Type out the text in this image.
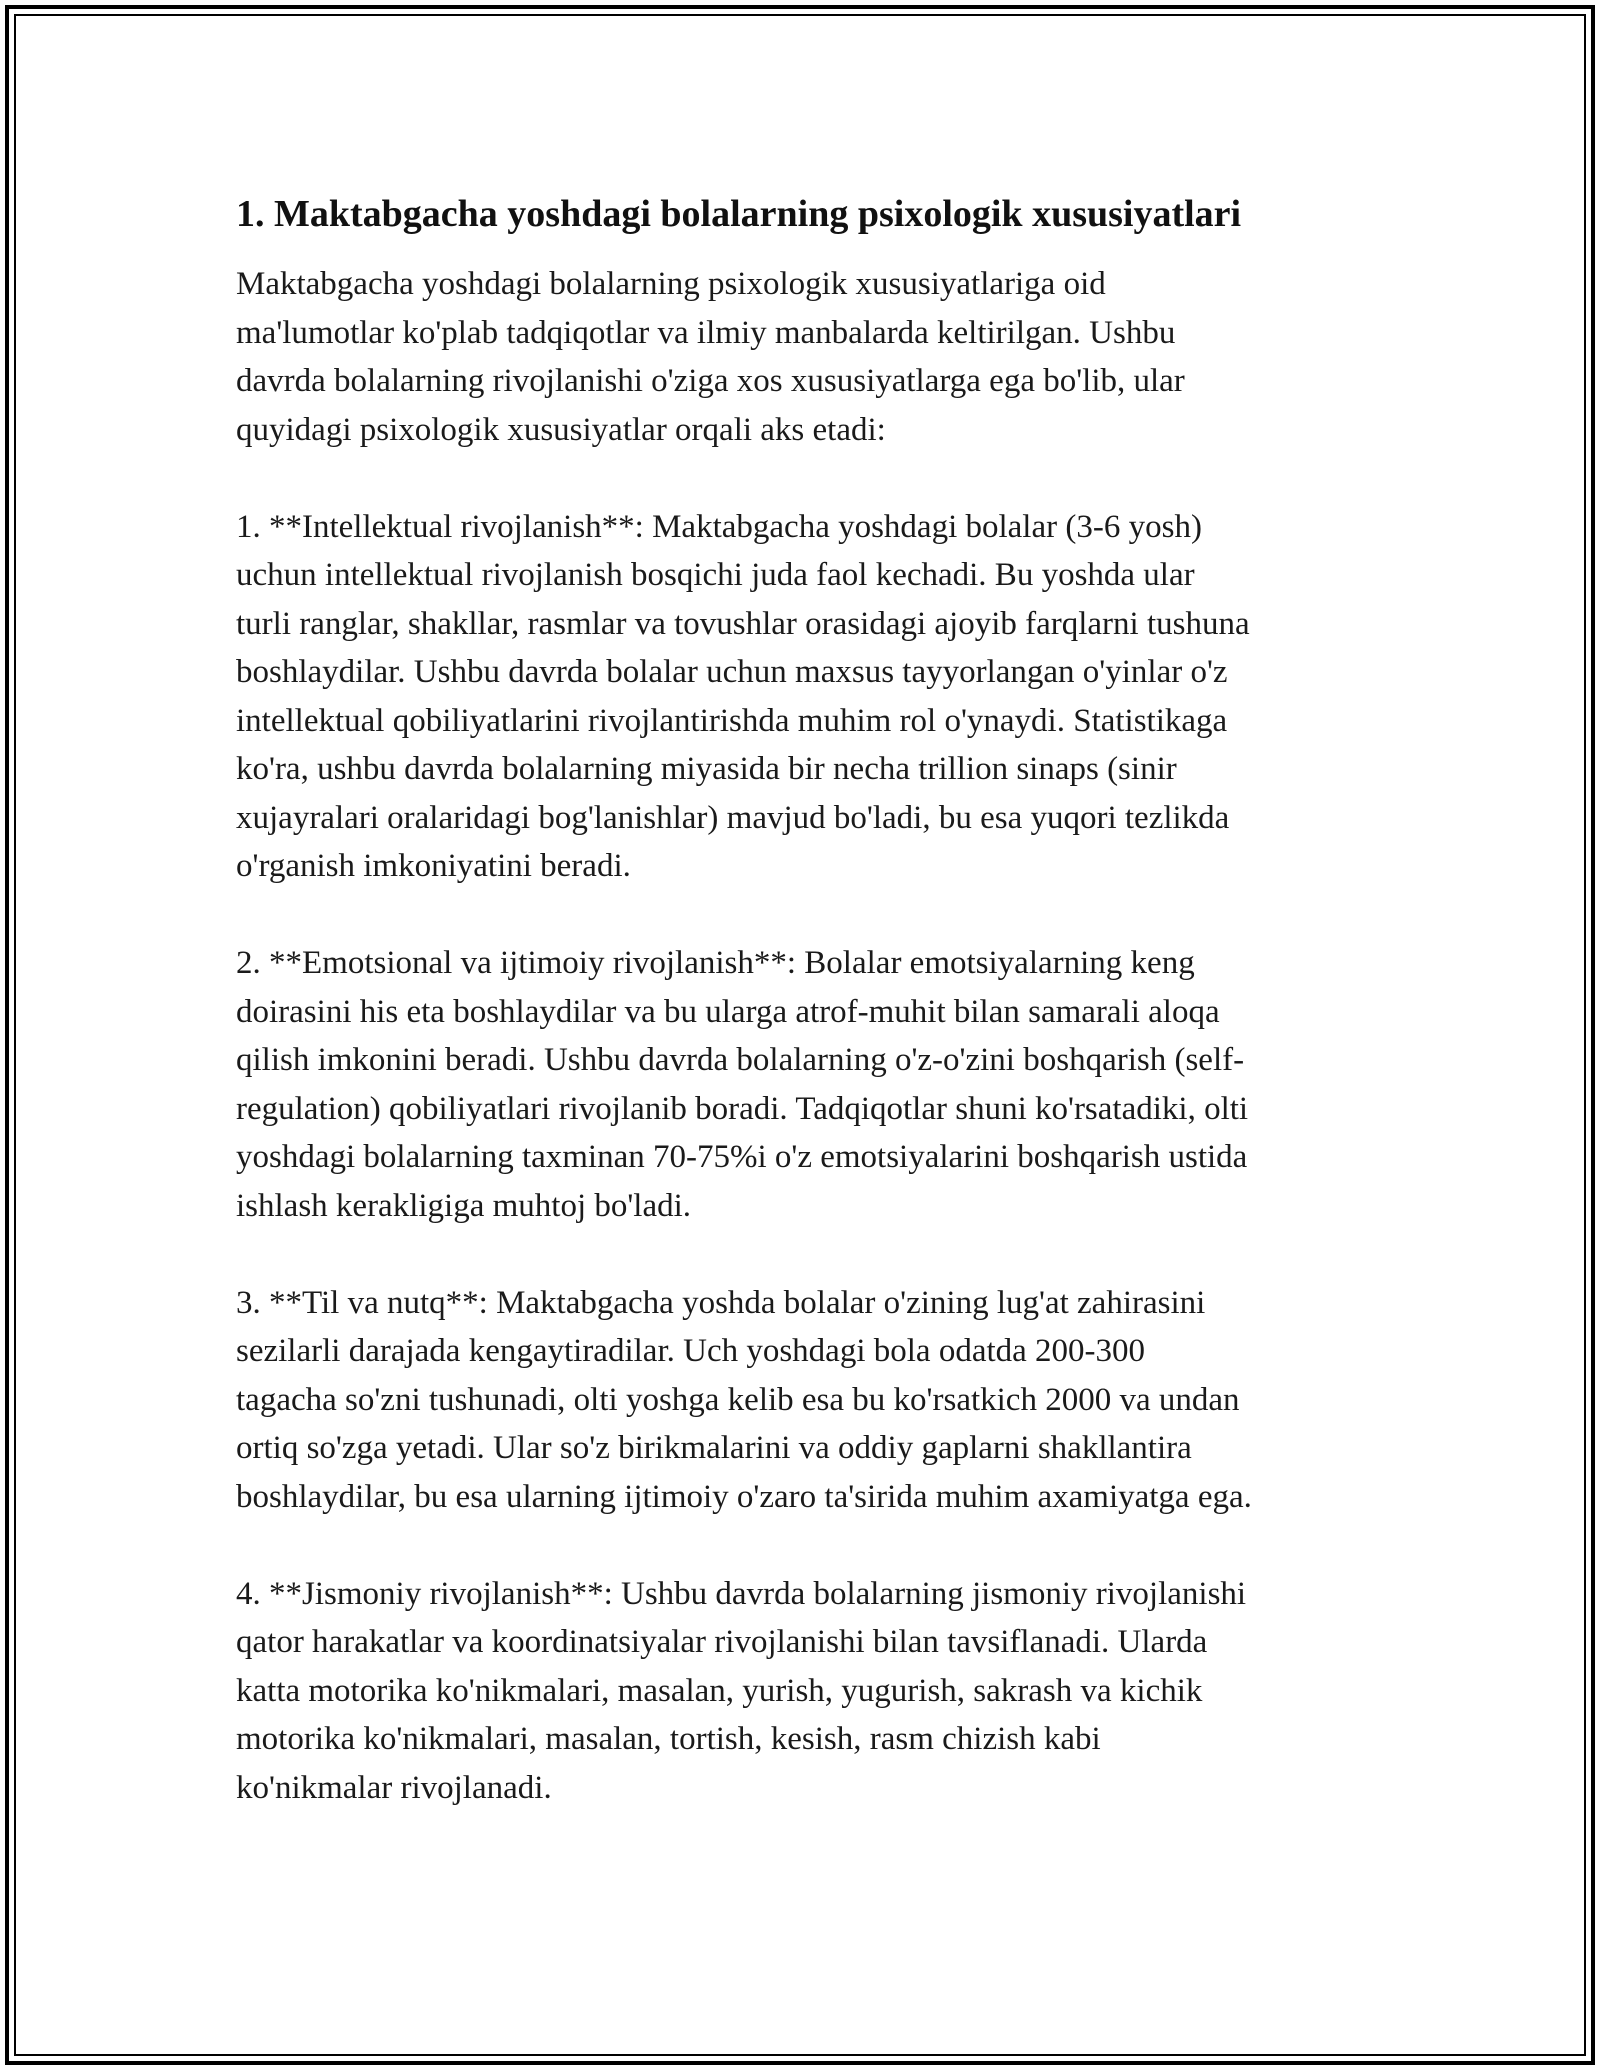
1. Maktabgacha yoshdagi bolalarning psixologik xususiyatlari

Maktabgacha yoshdagi bolalarning psixologik xususiyatlariga oid
ma'lumotlar ko'plab tadqiqotlar va ilmiy manbalarda keltirilgan. Ushbu
davrda bolalarning rivojlanishi o'ziga xos xususiyatlarga ega bo'lib, ular
quyidagi psixologik xususiyatlar orqali aks etadi:

1. **Intellektual rivojlanish**: Maktabgacha yoshdagi bolalar (3-6 yosh)
uchun intellektual rivojlanish bosqichi juda faol kechadi. Bu yoshda ular
turli ranglar, shakllar, rasmlar va tovushlar orasidagi ajoyib farqlarni tushuna
boshlaydilar. Ushbu davrda bolalar uchun maxsus tayyorlangan o'yinlar o'z
intellektual qobiliyatlarini rivojlantirishda muhim rol o'ynaydi. Statistikaga
ko'ra, ushbu davrda bolalarning miyasida bir necha trillion sinaps (sinir
xujayralari oralaridagi bog'lanishlar) mavjud bo'ladi, bu esa yuqori tezlikda
o'rganish imkoniyatini beradi.

2. **Emotsional va ijtimoiy rivojlanish**: Bolalar emotsiyalarning keng
doirasini his eta boshlaydilar va bu ularga atrof-muhit bilan samarali aloqa
qilish imkonini beradi. Ushbu davrda bolalarning o'z-o'zini boshqarish (self-
regulation) qobiliyatlari rivojlanib boradi. Tadqiqotlar shuni ko'rsatadiki, olti
yoshdagi bolalarning taxminan 70-75%i o'z emotsiyalarini boshqarish ustida
ishlash kerakligiga muhtoj bo'ladi.

3. **Til va nutq**: Maktabgacha yoshda bolalar o'zining lug'at zahirasini
sezilarli darajada kengaytiradilar. Uch yoshdagi bola odatda 200-300
tagacha so'zni tushunadi, olti yoshga kelib esa bu ko'rsatkich 2000 va undan
ortiq so'zga yetadi. Ular so'z birikmalarini va oddiy gaplarni shakllantira
boshlaydilar, bu esa ularning ijtimoiy o'zaro ta'sirida muhim axamiyatga ega.

4. **Jismoniy rivojlanish**: Ushbu davrda bolalarning jismoniy rivojlanishi
qator harakatlar va koordinatsiyalar rivojlanishi bilan tavsiflanadi. Ularda
katta motorika ko'nikmalari, masalan, yurish, yugurish, sakrash va kichik
motorika ko'nikmalari, masalan, tortish, kesish, rasm chizish kabi
ko'nikmalar rivojlanadi.
